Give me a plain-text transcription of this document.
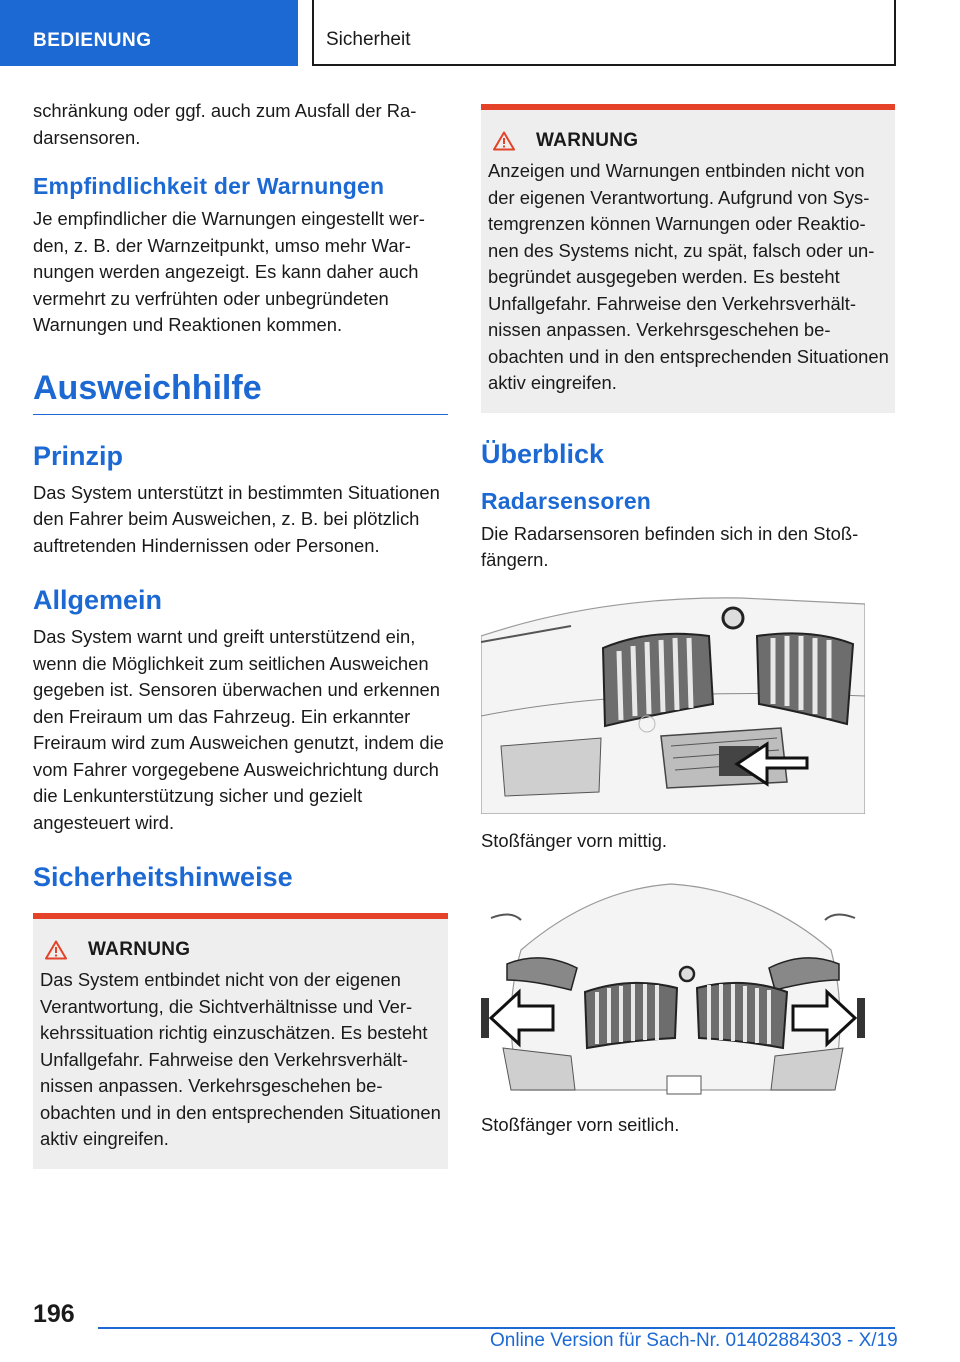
BEDIENUNG	Sicherheit

schränkung oder ggf. auch zum Ausfall der Radarsensoren.

Empfindlichkeit der Warnungen

Je empfindlicher die Warnungen eingestellt werden, z. B. der Warnzeitpunkt, umso mehr Warnungen werden angezeigt. Es kann daher auch vermehrt zu verfrühten oder unbegründeten Warnungen und Reaktionen kommen.

Ausweichhilfe
Prinzip

Das System unterstützt in bestimmten Situationen den Fahrer beim Ausweichen, z. B. bei plötzlich auftretenden Hindernissen oder Personen.

Allgemein

Das System warnt und greift unterstützend ein, wenn die Möglichkeit zum seitlichen Ausweichen gegeben ist. Sensoren überwachen und erkennen den Freiraum um das Fahrzeug. Ein erkannter Freiraum wird zum Ausweichen genutzt, indem die vom Fahrer vorgegebene Ausweichrichtung durch die Lenkunterstützung sicher und gezielt angesteuert wird.

Sicherheitshinweise
WARNUNG

Das System entbindet nicht von der eigenen Verantwortung, die Sichtverhältnisse und Verkehrssituation richtig einzuschätzen. Es besteht Unfallgefahr. Fahrweise den Verkehrsverhältnissen anpassen. Verkehrsgeschehen beobachten und in den entsprechenden Situationen aktiv eingreifen.

WARNUNG

Anzeigen und Warnungen entbinden nicht von der eigenen Verantwortung. Aufgrund von Systemgrenzen können Warnungen oder Reaktionen des Systems nicht, zu spät, falsch oder unbegründet ausgegeben werden. Es besteht Unfallgefahr. Fahrweise den Verkehrsverhältnissen anpassen. Verkehrsgeschehen beobachten und in den entsprechenden Situationen aktiv eingreifen.

Überblick
Radarsensoren

Die Radarsensoren befinden sich in den Stoßfängern.

Stoßfänger vorn mittig.

Stoßfänger vorn seitlich.

196
Online Version für Sach-Nr. 01402884303 - X/19
